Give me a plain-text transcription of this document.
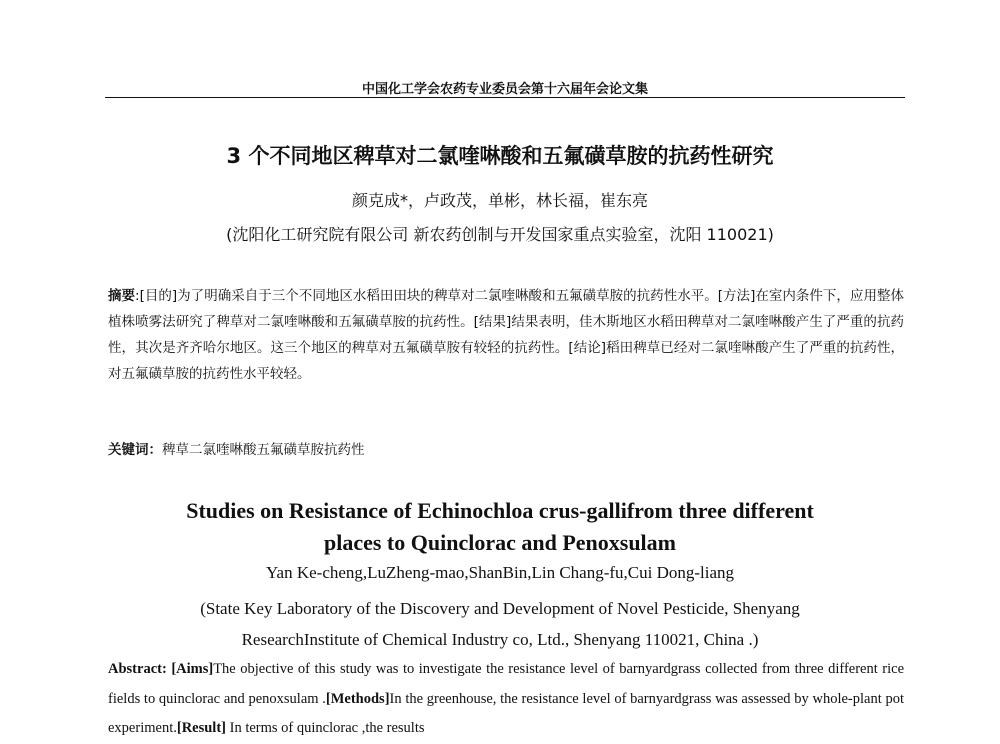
中国化工学会农药专业委员会第十六届年会论文集
3 个不同地区稗草对二氯喹啉酸和五氟磺草胺的抗药性研究
颜克成*，卢政茂，单彬，林长福，崔东亮
(沈阳化工研究院有限公司 新农药创制与开发国家重点实验室，沈阳 110021)
摘要:[目的]为了明确采自于三个不同地区水稻田田块的稗草对二氯喹啉酸和五氟磺草胺的抗药性水平。[方法]在室内条件下，应用整体植株喷雾法研究了稗草对二氯喹啉酸和五氟磺草胺的抗药性。[结果]结果表明，佳木斯地区水稻田稗草对二氯喹啉酸产生了严重的抗药性，其次是齐齐哈尔地区。这三个地区的稗草对五氟磺草胺有较轻的抗药性。[结论]稻田稗草已经对二氯喹啉酸产生了严重的抗药性，对五氟磺草胺的抗药性水平较轻。
关键词：稗草二氯喹啉酸五氟磺草胺抗药性
Studies on Resistance of Echinochloa crus-gallifrom three different
places to Quinclorac and Penoxsulam
Yan Ke-cheng,LuZheng-mao,ShanBin,Lin Chang-fu,Cui Dong-liang
(State Key Laboratory of the Discovery and Development of Novel Pesticide, Shenyang
ResearchInstitute of Chemical Industry co, Ltd., Shenyang 110021, China .)
Abstract: [Aims]The objective of this study was to investigate the resistance level of barnyardgrass collected from three different rice fields to quinclorac and penoxsulam .[Methods]In the greenhouse, the resistance level of barnyardgrass was assessed by whole-plant pot experiment.[Result] In terms of quinclorac ,the results
